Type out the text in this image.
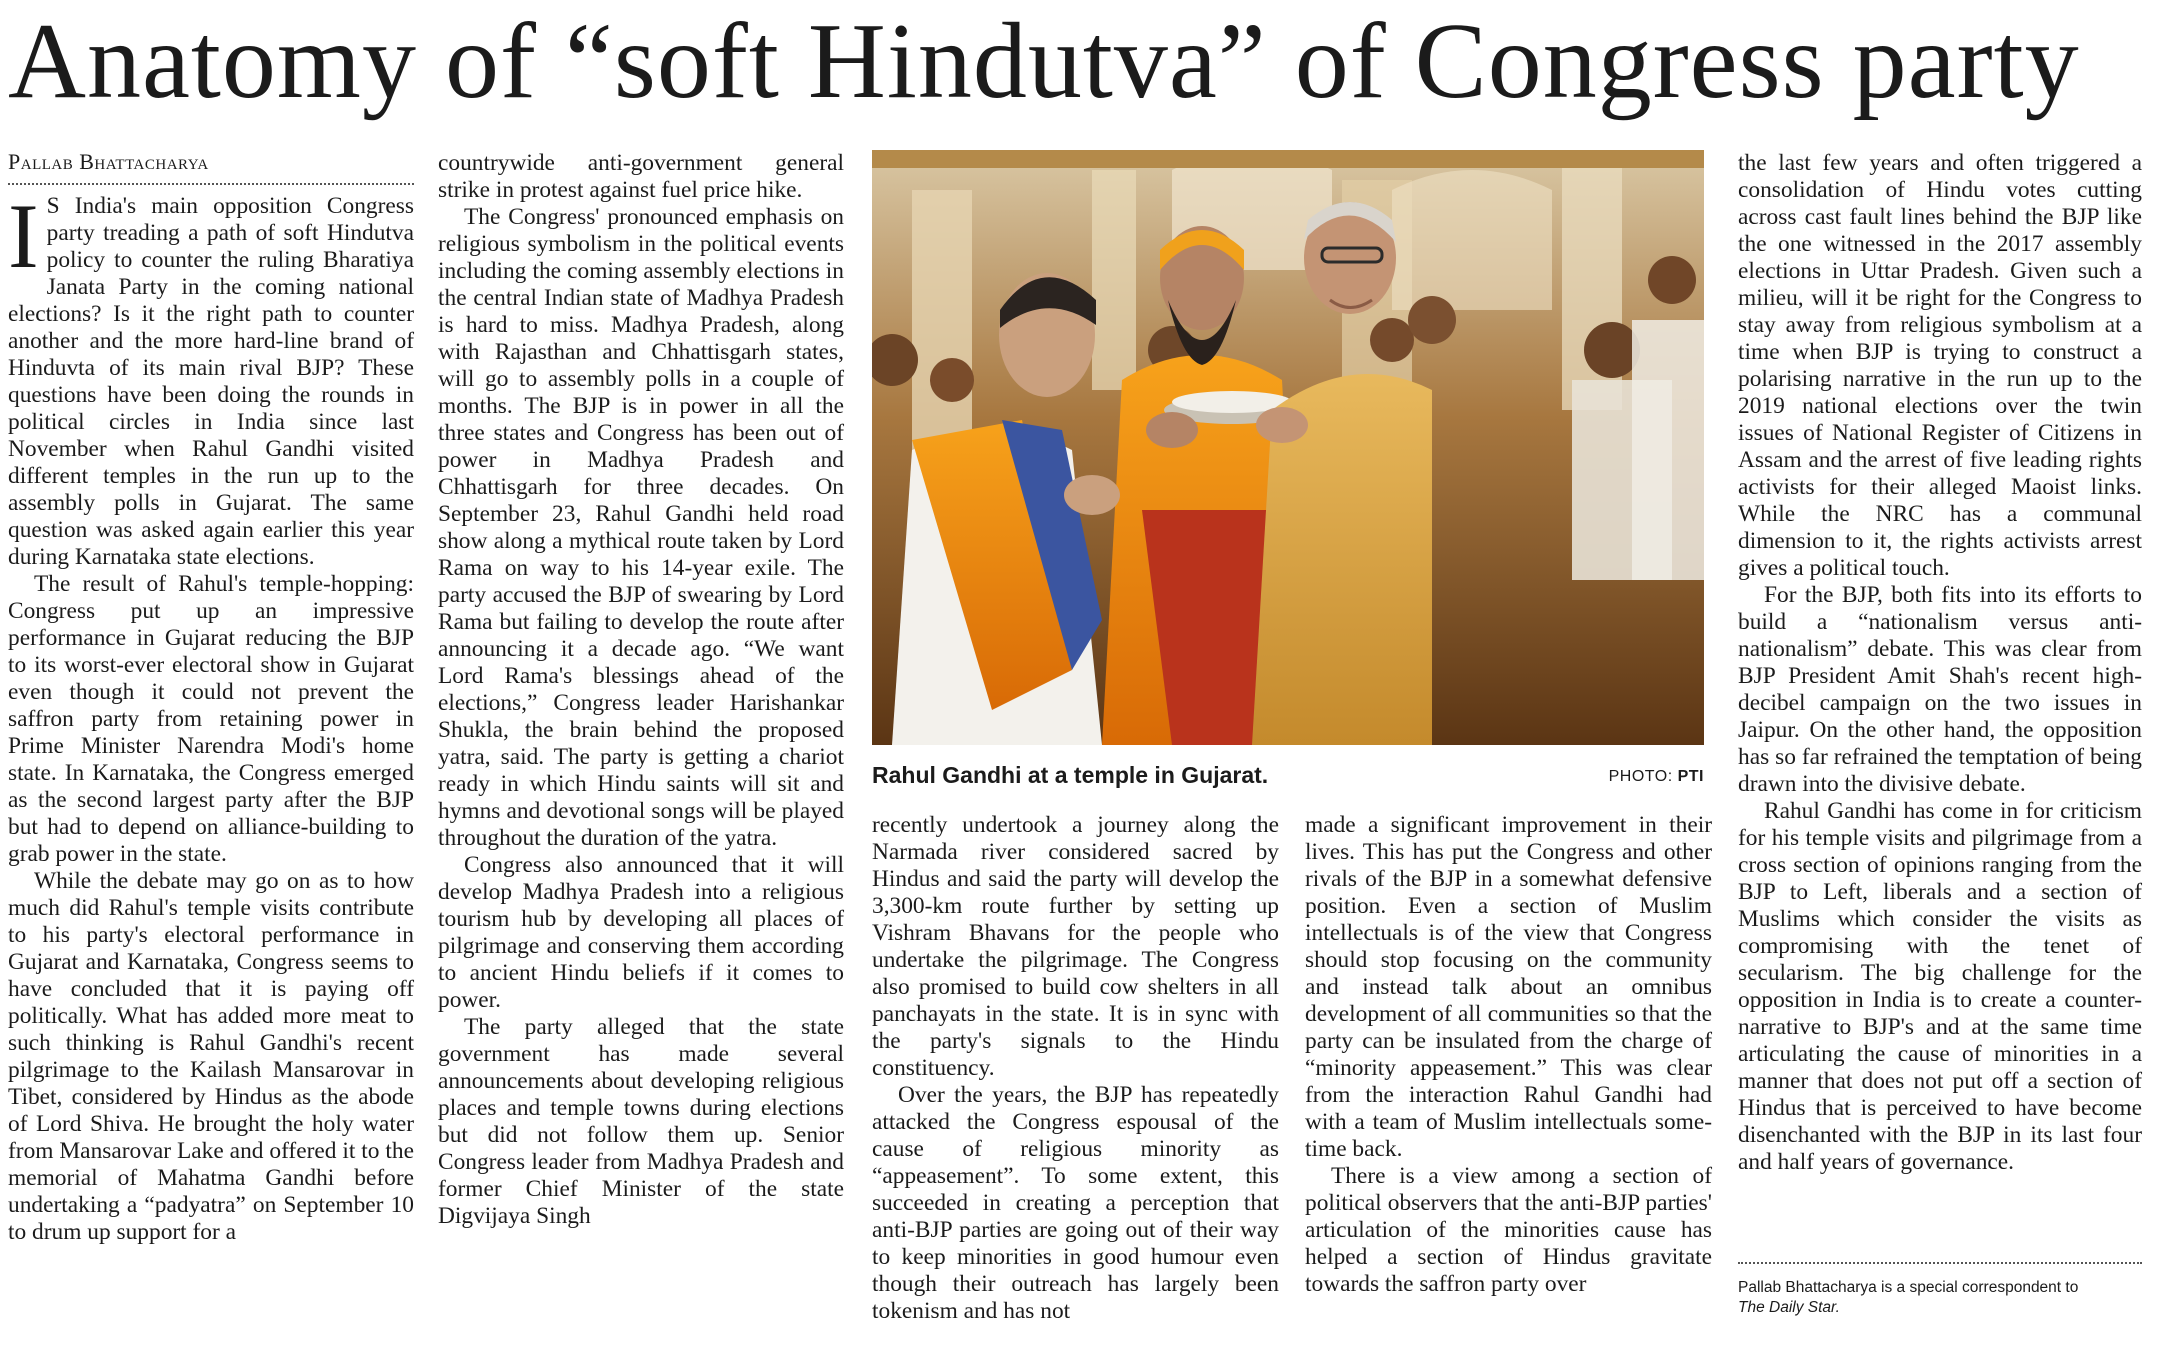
Anatomy of “soft Hindutva” of Congress party
Pallab Bhattacharya

I S India's main opposition Congress party treading a path of soft Hindutva policy to counter the ruling Bharatiya Janata Party in the coming national elections? Is it the right path to counter another and the more hard-line brand of Hinduvta of its main rival BJP? These questions have been doing the rounds in political circles in India since last November when Rahul Gandhi visited different temples in the run up to the assembly polls in Gujarat. The same question was asked again earlier this year during Karnataka state elections.

The result of Rahul's temple-hopping: Congress put up an impressive performance in Gujarat reducing the BJP to its worst-ever electoral show in Gujarat even though it could not prevent the saffron party from retaining power in Prime Minister Narendra Modi's home state. In Karnataka, the Congress emerged as the second largest party after the BJP but had to depend on alliance-building to grab power in the state.

While the debate may go on as to how much did Rahul's temple visits contribute to his party's electoral performance in Gujarat and Karnataka, Congress seems to have concluded that it is paying off politically. What has added more meat to such thinking is Rahul Gandhi's recent pilgrimage to the Kailash Mansarovar in Tibet, considered by Hindus as the abode of Lord Shiva. He brought the holy water from Mansarovar Lake and offered it to the memorial of Mahatma Gandhi before undertaking a “padyatra” on September 10 to drum up support for a

countrywide anti-government general strike in protest against fuel price hike.

The Congress' pronounced emphasis on religious symbolism in the political events including the coming assembly elections in the central Indian state of Madhya Pradesh is hard to miss. Madhya Pradesh, along with Rajasthan and Chhattisgarh states, will go to assembly polls in a couple of months. The BJP is in power in all the three states and Congress has been out of power in Madhya Pradesh and Chhattisgarh for three decades. On September 23, Rahul Gandhi held road show along a mythical route taken by Lord Rama on way to his 14-year exile. The party accused the BJP of swearing by Lord Rama but failing to develop the route after announcing it a decade ago. “We want Lord Rama's blessings ahead of the elections,” Congress leader Harishankar Shukla, the brain behind the proposed yatra, said. The party is getting a chariot ready in which Hindu saints will sit and hymns and devotional songs will be played throughout the duration of the yatra.

Congress also announced that it will develop Madhya Pradesh into a religious tourism hub by developing all places of pilgrimage and conserving them according to ancient Hindu beliefs if it comes to power.

The party alleged that the state government has made several announcements about developing religious places and temple towns during elections but did not follow them up. Senior Congress leader from Madhya Pradesh and former Chief Minister of the state Digvijaya Singh

Rahul Gandhi at a temple in Gujarat.	PHOTO: PTI

recently undertook a journey along the Narmada river considered sacred by Hindus and said the party will develop the 3,300-km route further by setting up Vishram Bhavans for the people who undertake the pilgrimage. The Congress also promised to build cow shelters in all panchayats in the state. It is in sync with the party's signals to the Hindu constituency.

Over the years, the BJP has repeatedly attacked the Congress espousal of the cause of religious minority as “appeasement”. To some extent, this succeeded in creating a perception that anti-BJP parties are going out of their way to keep minorities in good humour even though their outreach has largely been tokenism and has not

made a significant improvement in their lives. This has put the Congress and other rivals of the BJP in a somewhat defensive position. Even a section of Muslim intellectuals is of the view that Congress should stop focusing on the community and instead talk about an omnibus development of all communities so that the party can be insulated from the charge of “minority appeasement.” This was clear from the interaction Rahul Gandhi had with a team of Muslim intellectuals some-time back.

There is a view among a section of political observers that the anti-BJP parties' articulation of the minorities cause has helped a section of Hindus gravitate towards the saffron party over

the last few years and often triggered a consolidation of Hindu votes cutting across cast fault lines behind the BJP like the one witnessed in the 2017 assembly elections in Uttar Pradesh. Given such a milieu, will it be right for the Congress to stay away from religious symbolism at a time when BJP is trying to construct a polarising narrative in the run up to the 2019 national elections over the twin issues of National Register of Citizens in Assam and the arrest of five leading rights activists for their alleged Maoist links. While the NRC has a communal dimension to it, the rights activists arrest gives a political touch.

For the BJP, both fits into its efforts to build a “nationalism versus anti-nationalism” debate. This was clear from BJP President Amit Shah's recent high-decibel campaign on the two issues in Jaipur. On the other hand, the opposition has so far refrained the temptation of being drawn into the divisive debate.

Rahul Gandhi has come in for criticism for his temple visits and pilgrimage from a cross section of opinions ranging from the BJP to Left, liberals and a section of Muslims which consider the visits as compromising with the tenet of secularism. The big challenge for the opposition in India is to create a counter-narrative to BJP's and at the same time articulating the cause of minorities in a manner that does not put off a section of Hindus that is perceived to have become disenchanted with the BJP in its last four and half years of governance.

Pallab Bhattacharya is a special correspondent to
The Daily Star.
